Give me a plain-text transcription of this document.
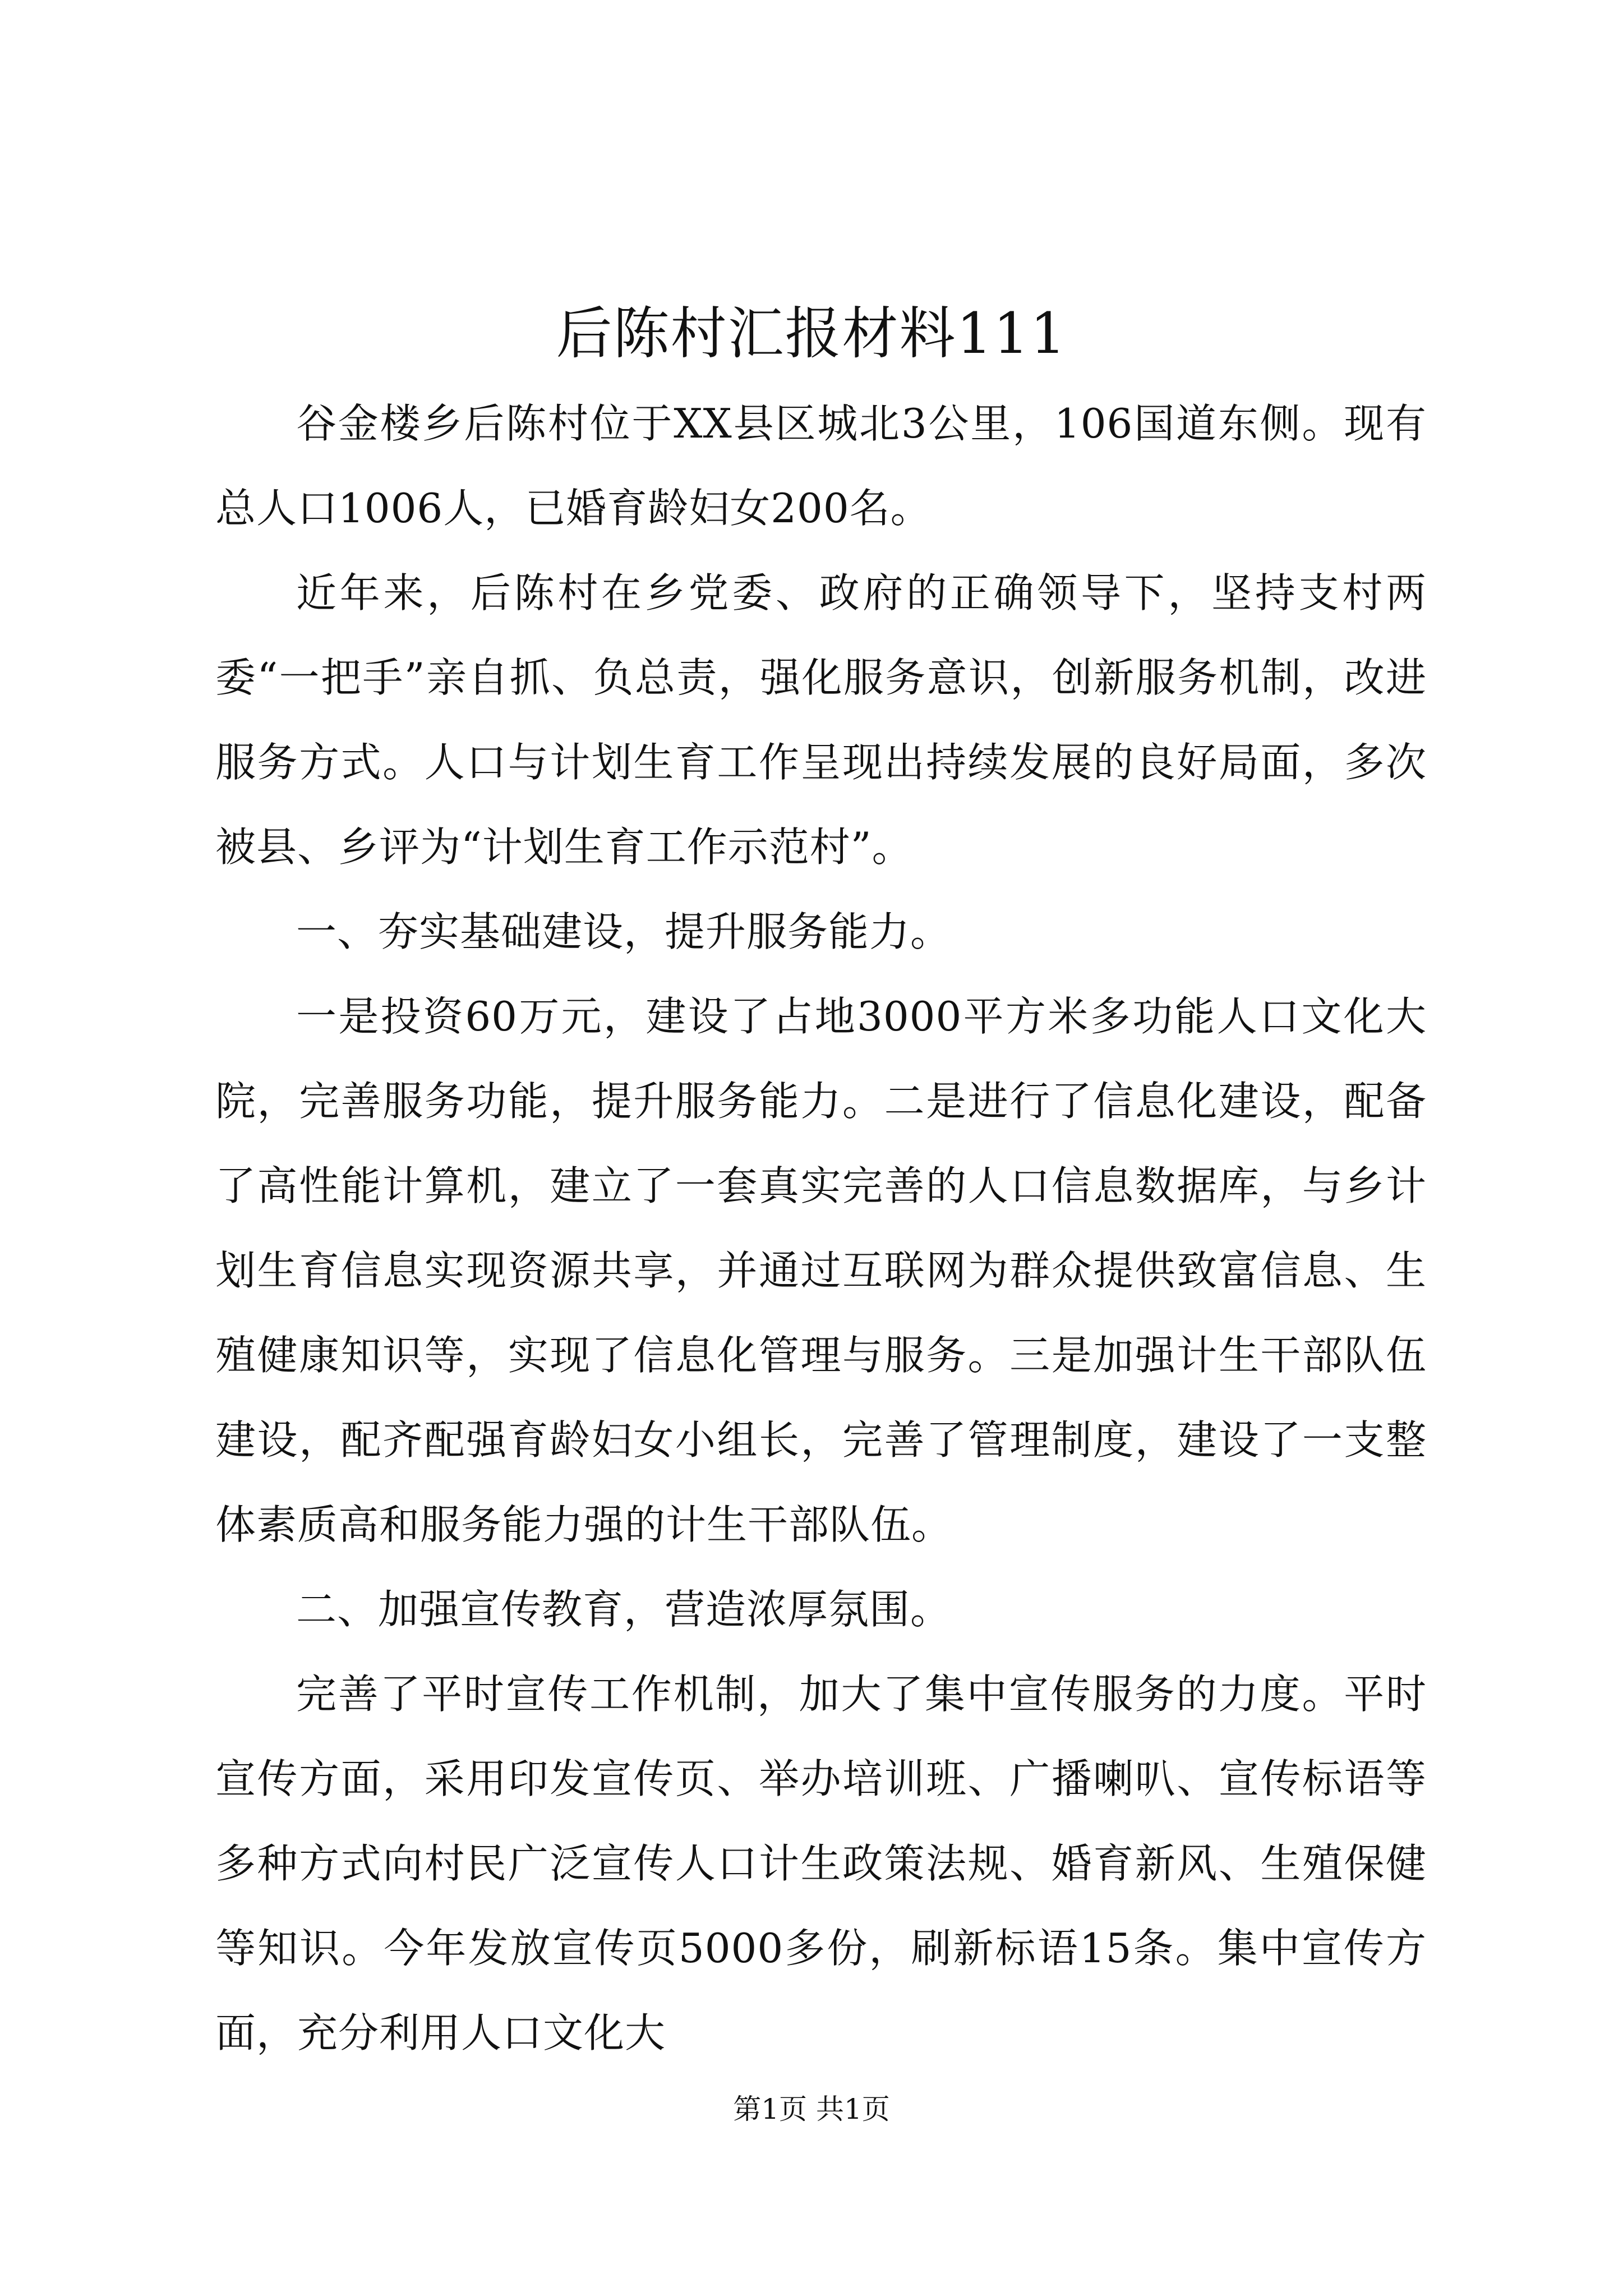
后陈村汇报材料111

谷金楼乡后陈村位于XX县区城北3公里，106国道东侧。现有总人口1006人，已婚育龄妇女200名。

近年来，后陈村在乡党委、政府的正确领导下，坚持支村两委“一把手”亲自抓、负总责，强化服务意识，创新服务机制，改进服务方式。人口与计划生育工作呈现出持续发展的良好局面，多次被县、乡评为“计划生育工作示范村”。

一、夯实基础建设，提升服务能力。

一是投资60万元，建设了占地3000平方米多功能人口文化大院，完善服务功能，提升服务能力。二是进行了信息化建设，配备了高性能计算机，建立了一套真实完善的人口信息数据库，与乡计划生育信息实现资源共享，并通过互联网为群众提供致富信息、生殖健康知识等，实现了信息化管理与服务。三是加强计生干部队伍建设，配齐配强育龄妇女小组长，完善了管理制度，建设了一支整体素质高和服务能力强的计生干部队伍。

二、加强宣传教育，营造浓厚氛围。

完善了平时宣传工作机制，加大了集中宣传服务的力度。平时宣传方面，采用印发宣传页、举办培训班、广播喇叭、宣传标语等多种方式向村民广泛宣传人口计生政策法规、婚育新风、生殖保健等知识。今年发放宣传页5000多份，刷新标语15条。集中宣传方面，充分利用人口文化大

第1页 共1页
